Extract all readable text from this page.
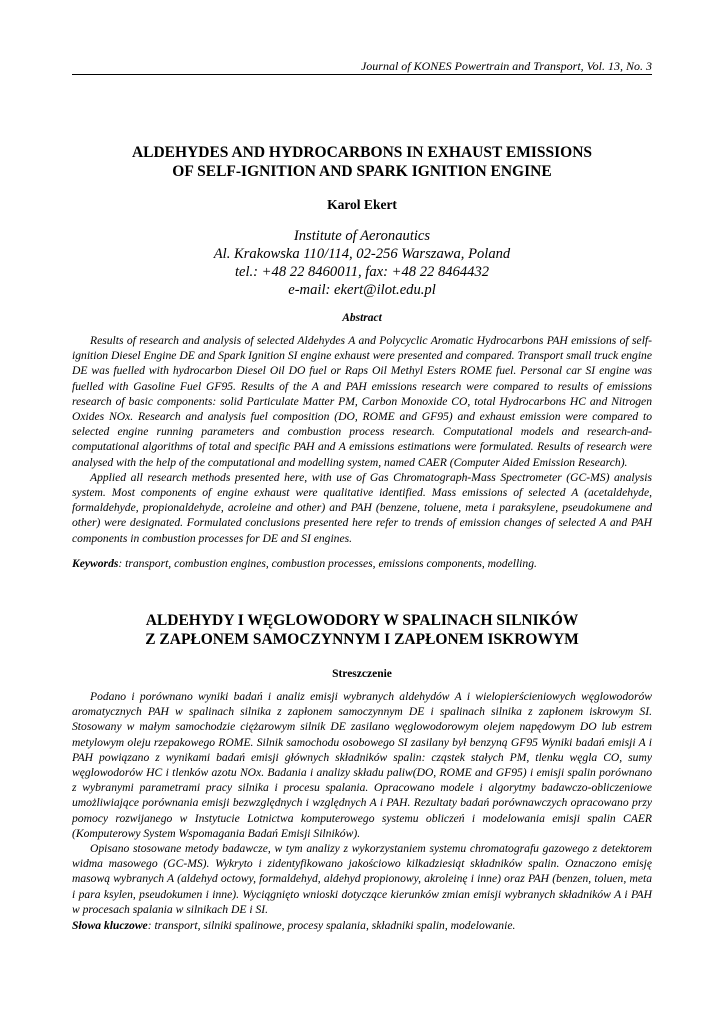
Journal of KONES Powertrain and Transport, Vol. 13, No. 3
ALDEHYDES AND HYDROCARBONS IN EXHAUST EMISSIONS
OF SELF-IGNITION AND SPARK IGNITION ENGINE
Karol Ekert
Institute of Aeronautics
Al. Krakowska 110/114, 02-256 Warszawa, Poland
tel.: +48 22 8460011, fax: +48 22 8464432
e-mail: ekert@ilot.edu.pl
Abstract

Results of research and analysis of selected Aldehydes A and Polycyclic Aromatic Hydrocarbons PAH emissions of self-ignition Diesel Engine DE and Spark Ignition SI engine exhaust were presented and compared. Transport small truck engine DE was fuelled with hydrocarbon Diesel Oil DO fuel or Raps Oil Methyl Esters ROME fuel. Personal car SI engine was fuelled with Gasoline Fuel GF95. Results of the A and PAH emissions research were compared to results of emissions research of basic components: solid Particulate Matter PM, Carbon Monoxide CO, total Hydrocarbons HC and Nitrogen Oxides NOx. Research and analysis fuel composition (DO, ROME and GF95) and exhaust emission were compared to selected engine running parameters and combustion process research. Computational models and research-and-computational algorithms of total and specific PAH and A emissions estimations were formulated. Results of research were analysed with the help of the computational and modelling system, named CAER (Computer Aided Emission Research).

Applied all research methods presented here, with use of Gas Chromatograph-Mass Spectrometer (GC-MS) analysis system. Most components of engine exhaust were qualitative identified. Mass emissions of selected A (acetaldehyde, formaldehyde, propionaldehyde, acroleine and other) and PAH (benzene, toluene, meta i paraksylene, pseudokumene and other) were designated. Formulated conclusions presented here refer to trends of emission changes of selected A and PAH components in combustion processes for DE and SI engines.

Keywords: transport, combustion engines, combustion processes, emissions components, modelling.
ALDEHYDY I WĘGLOWODORY W SPALINACH SILNIKÓW
Z ZAPŁONEM SAMOCZYNNYM I ZAPŁONEM ISKROWYM
Streszczenie

Podano i porównano wyniki badań i analiz emisji wybranych aldehydów A i wielopierścieniowych węglowodorów aromatycznych PAH w spalinach silnika z zapłonem samoczynnym DE i spalinach silnika z zapłonem iskrowym SI. Stosowany w małym samochodzie ciężarowym silnik DE zasilano węglowodorowym olejem napędowym DO lub estrem metylowym oleju rzepakowego ROME. Silnik samochodu osobowego SI zasilany był benzyną GF95 Wyniki badań emisji A i PAH powiązano z wynikami badań emisji głównych składników spalin: cząstek stałych PM, tlenku węgla CO, sumy węglowodorów HC i tlenków azotu NOx. Badania i analizy składu paliw(DO, ROME and GF95) i emisji spalin porównano z wybranymi parametrami pracy silnika i procesu spalania. Opracowano modele i algorytmy badawczo-obliczeniowe umożliwiające porównania emisji bezwzględnych i względnych A i PAH. Rezultaty badań porównawczych opracowano przy pomocy rozwijanego w Instytucie Lotnictwa komputerowego systemu obliczeń i modelowania emisji spalin CAER (Komputerowy System Wspomagania Badań Emisji Silników).

Opisano stosowane metody badawcze, w tym analizy z wykorzystaniem systemu chromatografu gazowego z detektorem widma masowego (GC-MS). Wykryto i zidentyfikowano jakościowo kilkadziesiąt składników spalin. Oznaczono emisję masową wybranych A (aldehyd octowy, formaldehyd, aldehyd propionowy, akroleinę i inne) oraz PAH (benzen, toluen, meta i para ksylen, pseudokumen i inne). Wyciągnięto wnioski dotyczące kierunków zmian emisji wybranych składników A i PAH w procesach spalania w silnikach DE i SI.

Słowa kluczowe: transport, silniki spalinowe, procesy spalania, składniki spalin, modelowanie.
